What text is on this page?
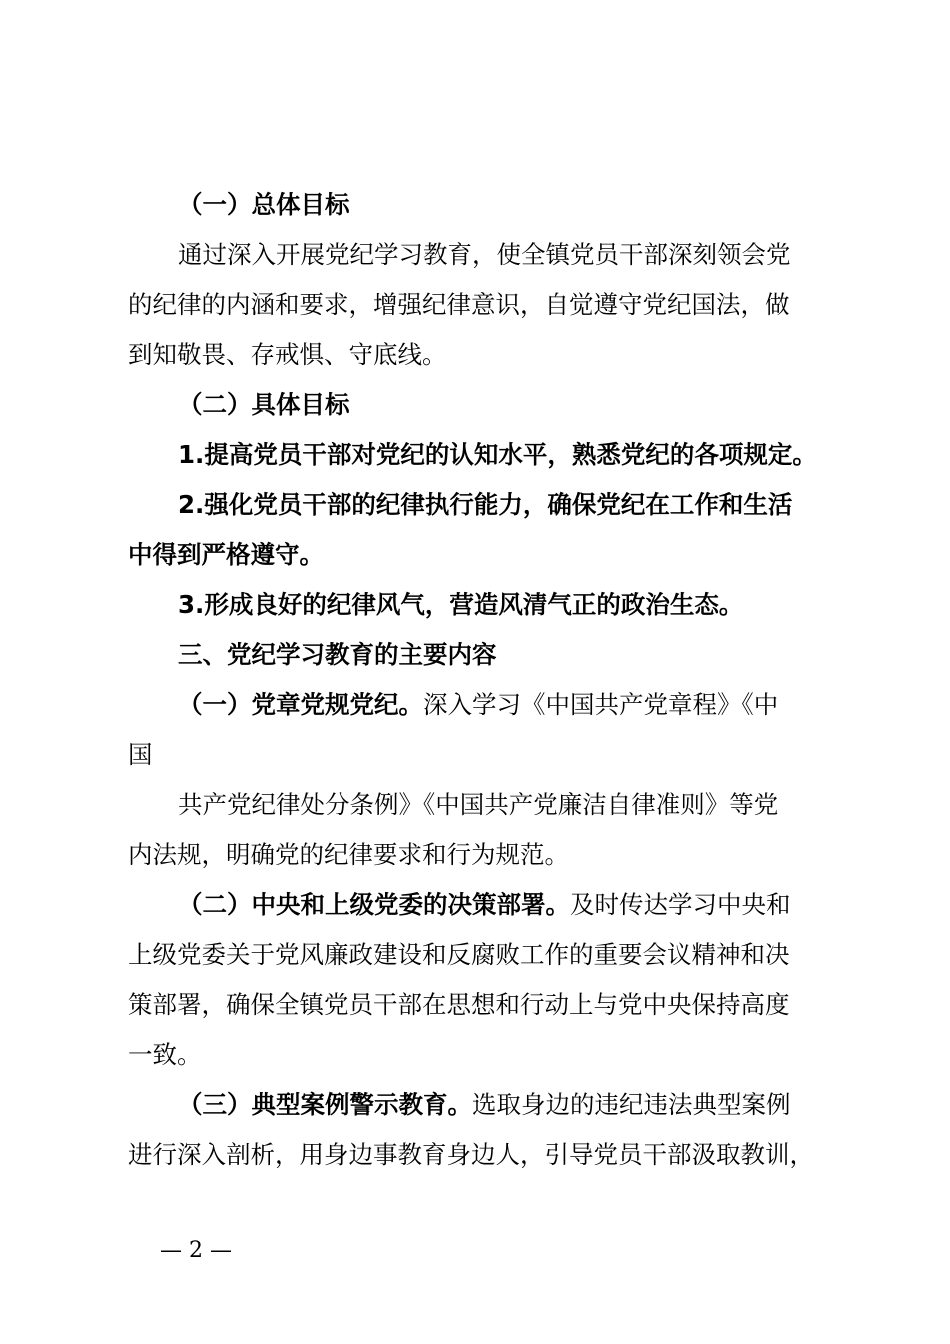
（一）总体目标

通过深入开展党纪学习教育，使全镇党员干部深刻领会党

的纪律的内涵和要求，增强纪律意识，自觉遵守党纪国法，做

到知敬畏、存戒惧、守底线。

（二）具体目标

1.提高党员干部对党纪的认知水平，熟悉党纪的各项规定。

2.强化党员干部的纪律执行能力，确保党纪在工作和生活

中得到严格遵守。

3.形成良好的纪律风气，营造风清气正的政治生态。

三、党纪学习教育的主要内容

（一）党章党规党纪。深入学习《中国共产党章程》《中

国

共产党纪律处分条例》《中国共产党廉洁自律准则》等党

内法规，明确党的纪律要求和行为规范。

（二）中央和上级党委的决策部署。及时传达学习中央和

上级党委关于党风廉政建设和反腐败工作的重要会议精神和决

策部署，确保全镇党员干部在思想和行动上与党中央保持高度

一致。

（三）典型案例警示教育。选取身边的违纪违法典型案例

进行深入剖析，用身边事教育身边人，引导党员干部汲取教训，

— 2 —
